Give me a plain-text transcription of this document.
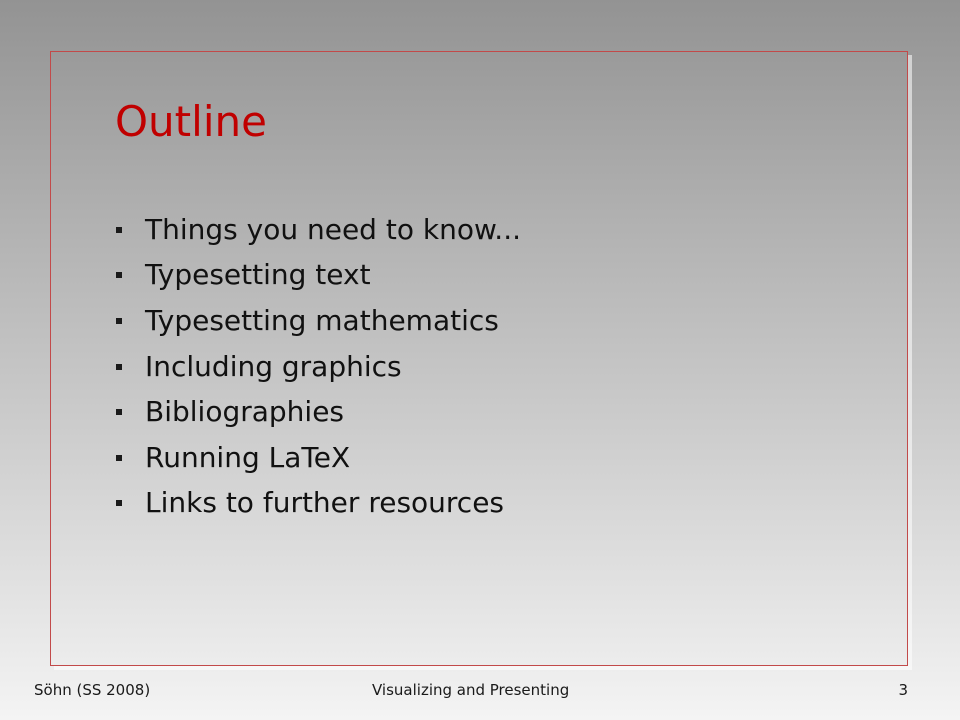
Outline
Things you need to know...
Typesetting text
Typesetting mathematics
Including graphics
Bibliographies
Running LaTeX
Links to further resources
Söhn (SS 2008)	Visualizing and Presenting	3
